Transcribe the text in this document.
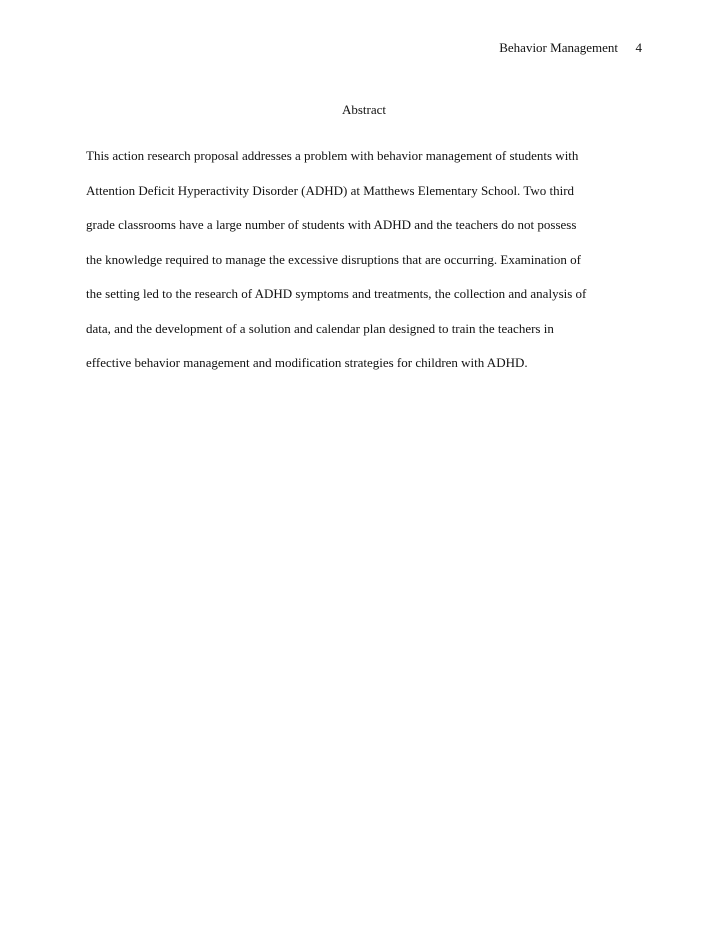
Behavior Management 4
Abstract
This action research proposal addresses a problem with behavior management of students with
Attention Deficit Hyperactivity Disorder (ADHD) at Matthews Elementary School. Two third
grade classrooms have a large number of students with ADHD and the teachers do not possess
the knowledge required to manage the excessive disruptions that are occurring. Examination of
the setting led to the research of ADHD symptoms and treatments, the collection and analysis of
data, and the development of a solution and calendar plan designed to train the teachers in
effective behavior management and modification strategies for children with ADHD.
